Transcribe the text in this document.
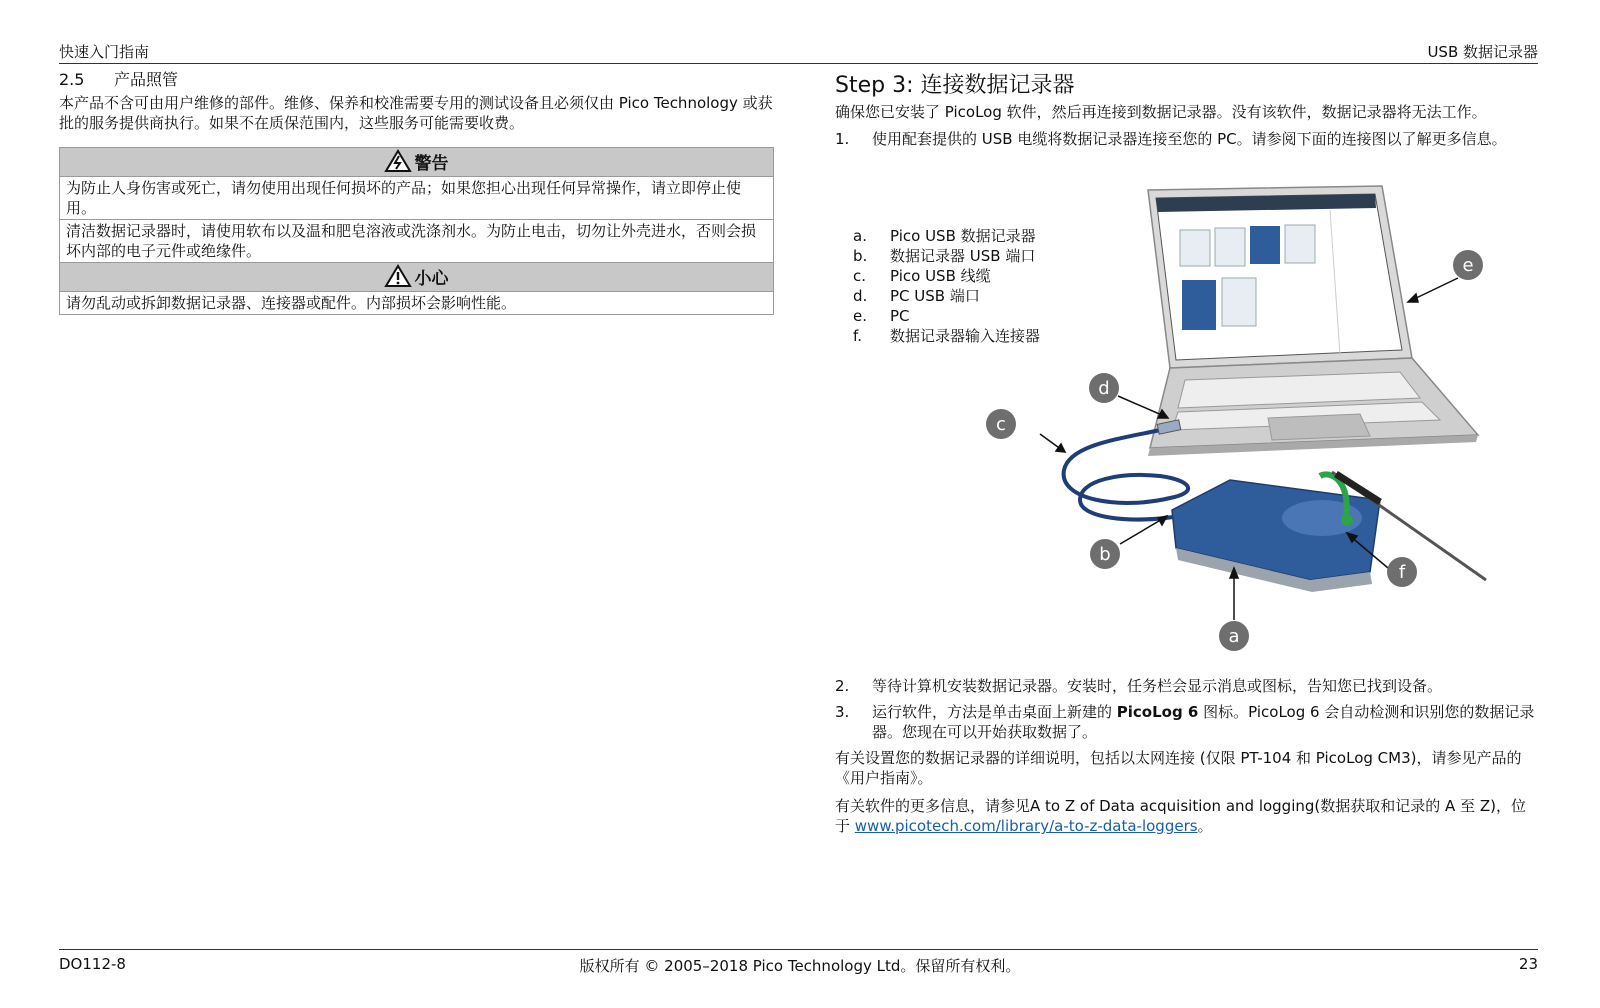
快速入门指南	USB 数据记录器
2.5 产品照管

本产品不含可由用户维修的部件。维修、保养和校准需要专用的测试设备且必须仅由 Pico Technology 或获批的服务提供商执行。如果不在质保范围内，这些服务可能需要收费。

警告
为防止人身伤害或死亡，请勿使用出现任何损坏的产品；如果您担心出现任何异常操作，请立即停止使用。
清洁数据记录器时，请使用软布以及温和肥皂溶液或洗涤剂水。为防止电击，切勿让外壳进水，否则会损坏内部的电子元件或绝缘件。
小心
请勿乱动或拆卸数据记录器、连接器或配件。内部损坏会影响性能。
Step 3: 连接数据记录器

确保您已安装了 PicoLog 软件，然后再连接到数据记录器。没有该软件，数据记录器将无法工作。

1. 使用配套提供的 USB 电缆将数据记录器连接至您的 PC。请参阅下面的连接图以了解更多信息。
a.	Pico USB 数据记录器
b.	数据记录器 USB 端口
c.	Pico USB 线缆
d.	PC USB 端口
e.	PC
f.	数据记录器输入连接器
e
d
c
b
f
a
2. 等待计算机安装数据记录器。安装时，任务栏会显示消息或图标，告知您已找到设备。
3. 运行软件，方法是单击桌面上新建的 PicoLog 6 图标。PicoLog 6 会自动检测和识别您的数据记录器。您现在可以开始获取数据了。

有关设置您的数据记录器的详细说明，包括以太网连接 (仅限 PT-104 和 PicoLog CM3)，请参见产品的《用户指南》。

有关软件的更多信息，请参见A to Z of Data acquisition and logging(数据获取和记录的 A 至 Z)，位于 www.picotech.com/library/a-to-z-data-loggers。

DO112-8	版权所有 © 2005–2018 Pico Technology Ltd。保留所有权利。	23
